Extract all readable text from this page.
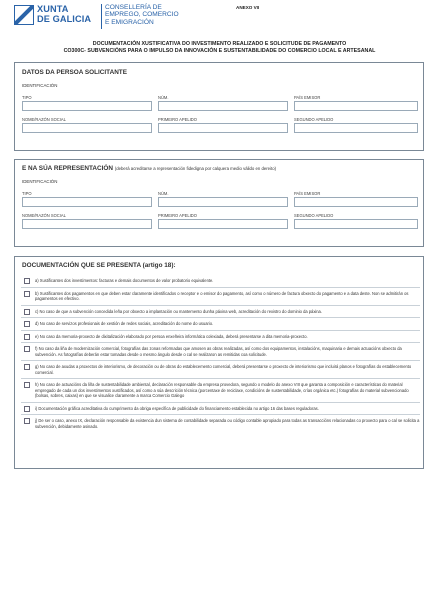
XUNTA
DE GALICIA
CONSELLERÍA DE
EMPREGO, COMERCIO
E EMIGRACIÓN
ANEXO VII
DOCUMENTACIÓN XUSTIFICATIVA DO INVESTIMENTO REALIZADO E SOLICITUDE DE PAGAMENTO
CO300C- SUBVENCIÓNS PARA O IMPULSO DA INNOVACIÓN E SUSTENTABILIDADE DO COMERCIO LOCAL E ARTESANAL
DATOS DA PERSOA SOLICITANTE
IDENTIFICACIÓN
TIPO	NÚM.	PAÍS EMISOR
NOME/RAZÓN SOCIAL	PRIMEIRO APELIDO	SEGUNDO APELIDO
E NA SÚA REPRESENTACIÓN (deberá acreditarse a representación fidedigna por calquera medio válido en dereito)
IDENTIFICACIÓN
TIPO	NÚM.	PAÍS EMISOR
NOME/RAZÓN SOCIAL	PRIMEIRO APELIDO	SEGUNDO APELIDO
DOCUMENTACIÓN QUE SE PRESENTA (artigo 18):
a) Xustificantes dos investimentos: facturas e demais documentos de valor probatorio equivalente.
b) Xustificantes dos pagamentos en que deben estar claramente identificados o receptor e o emisor do pagamento, así como o número de factura obxecto do pagamento e a data deste. Non se admitirán os pagamentos en efectivo.
c) No caso de que a subvención concedida leña por obxecto a implantación ou mantemento dunha páxina web, acreditación do rexistro do dominio da páxina.
d) No caso de servizos profesionais de xestión de redes sociais, acreditación do nome do usuario.
e) No caso da memoria-proxecto de dixitalización elaborado por persoa enxeñeira informática colexiada, deberá presentarse a dita memoria-proxecto.
f) No caso da liña de modernización comercial, fotografías das zonas reformadas que amosen as obras realizadas, así como dos equipamentos, instalacións, maquinaria e demais actuacións obxecto da subvención. As fotografías deberán estar tomadas desde o mesmo ángulo desde o cal se realizaron as remitidas coa solicitude.
g) No caso de axudas a proxectos de interiorismo, de decoración ou de obras do establecemento comercial, deberá presentarse o proxecto de interiorismo que incluirá planos e fotografías do establecemento comercial.
h) No caso de actuacións da liña de sustentabilidade ambiental, declaración responsable da empresa provedora, segundo o modelo do anexo VIII que garanta a composición e características do material empregado de cada un dos investimentos xustificados, así como a súa descrición técnica (porcentaxe de reciclaxe, condicións de sustentabilidade, crías orgánica etc.) fotografías do material subvencionado (bolsas, sobres, caixas) en que se visualice claramente a marca Comercio Galego
i) Documentación gráfica acreditativa do cumprimento da obriga específica de publicidade do financiamento establecida no artigo 16 das bases reguladoras.
j) De ser o caso, anexo IX, declaración responsable da existencia dun sistema de contabilidade separada ou código contable apropiado para todas as transaccións relacionadas co proxecto para o cal se solicita a subvención, debidamente asinado.
